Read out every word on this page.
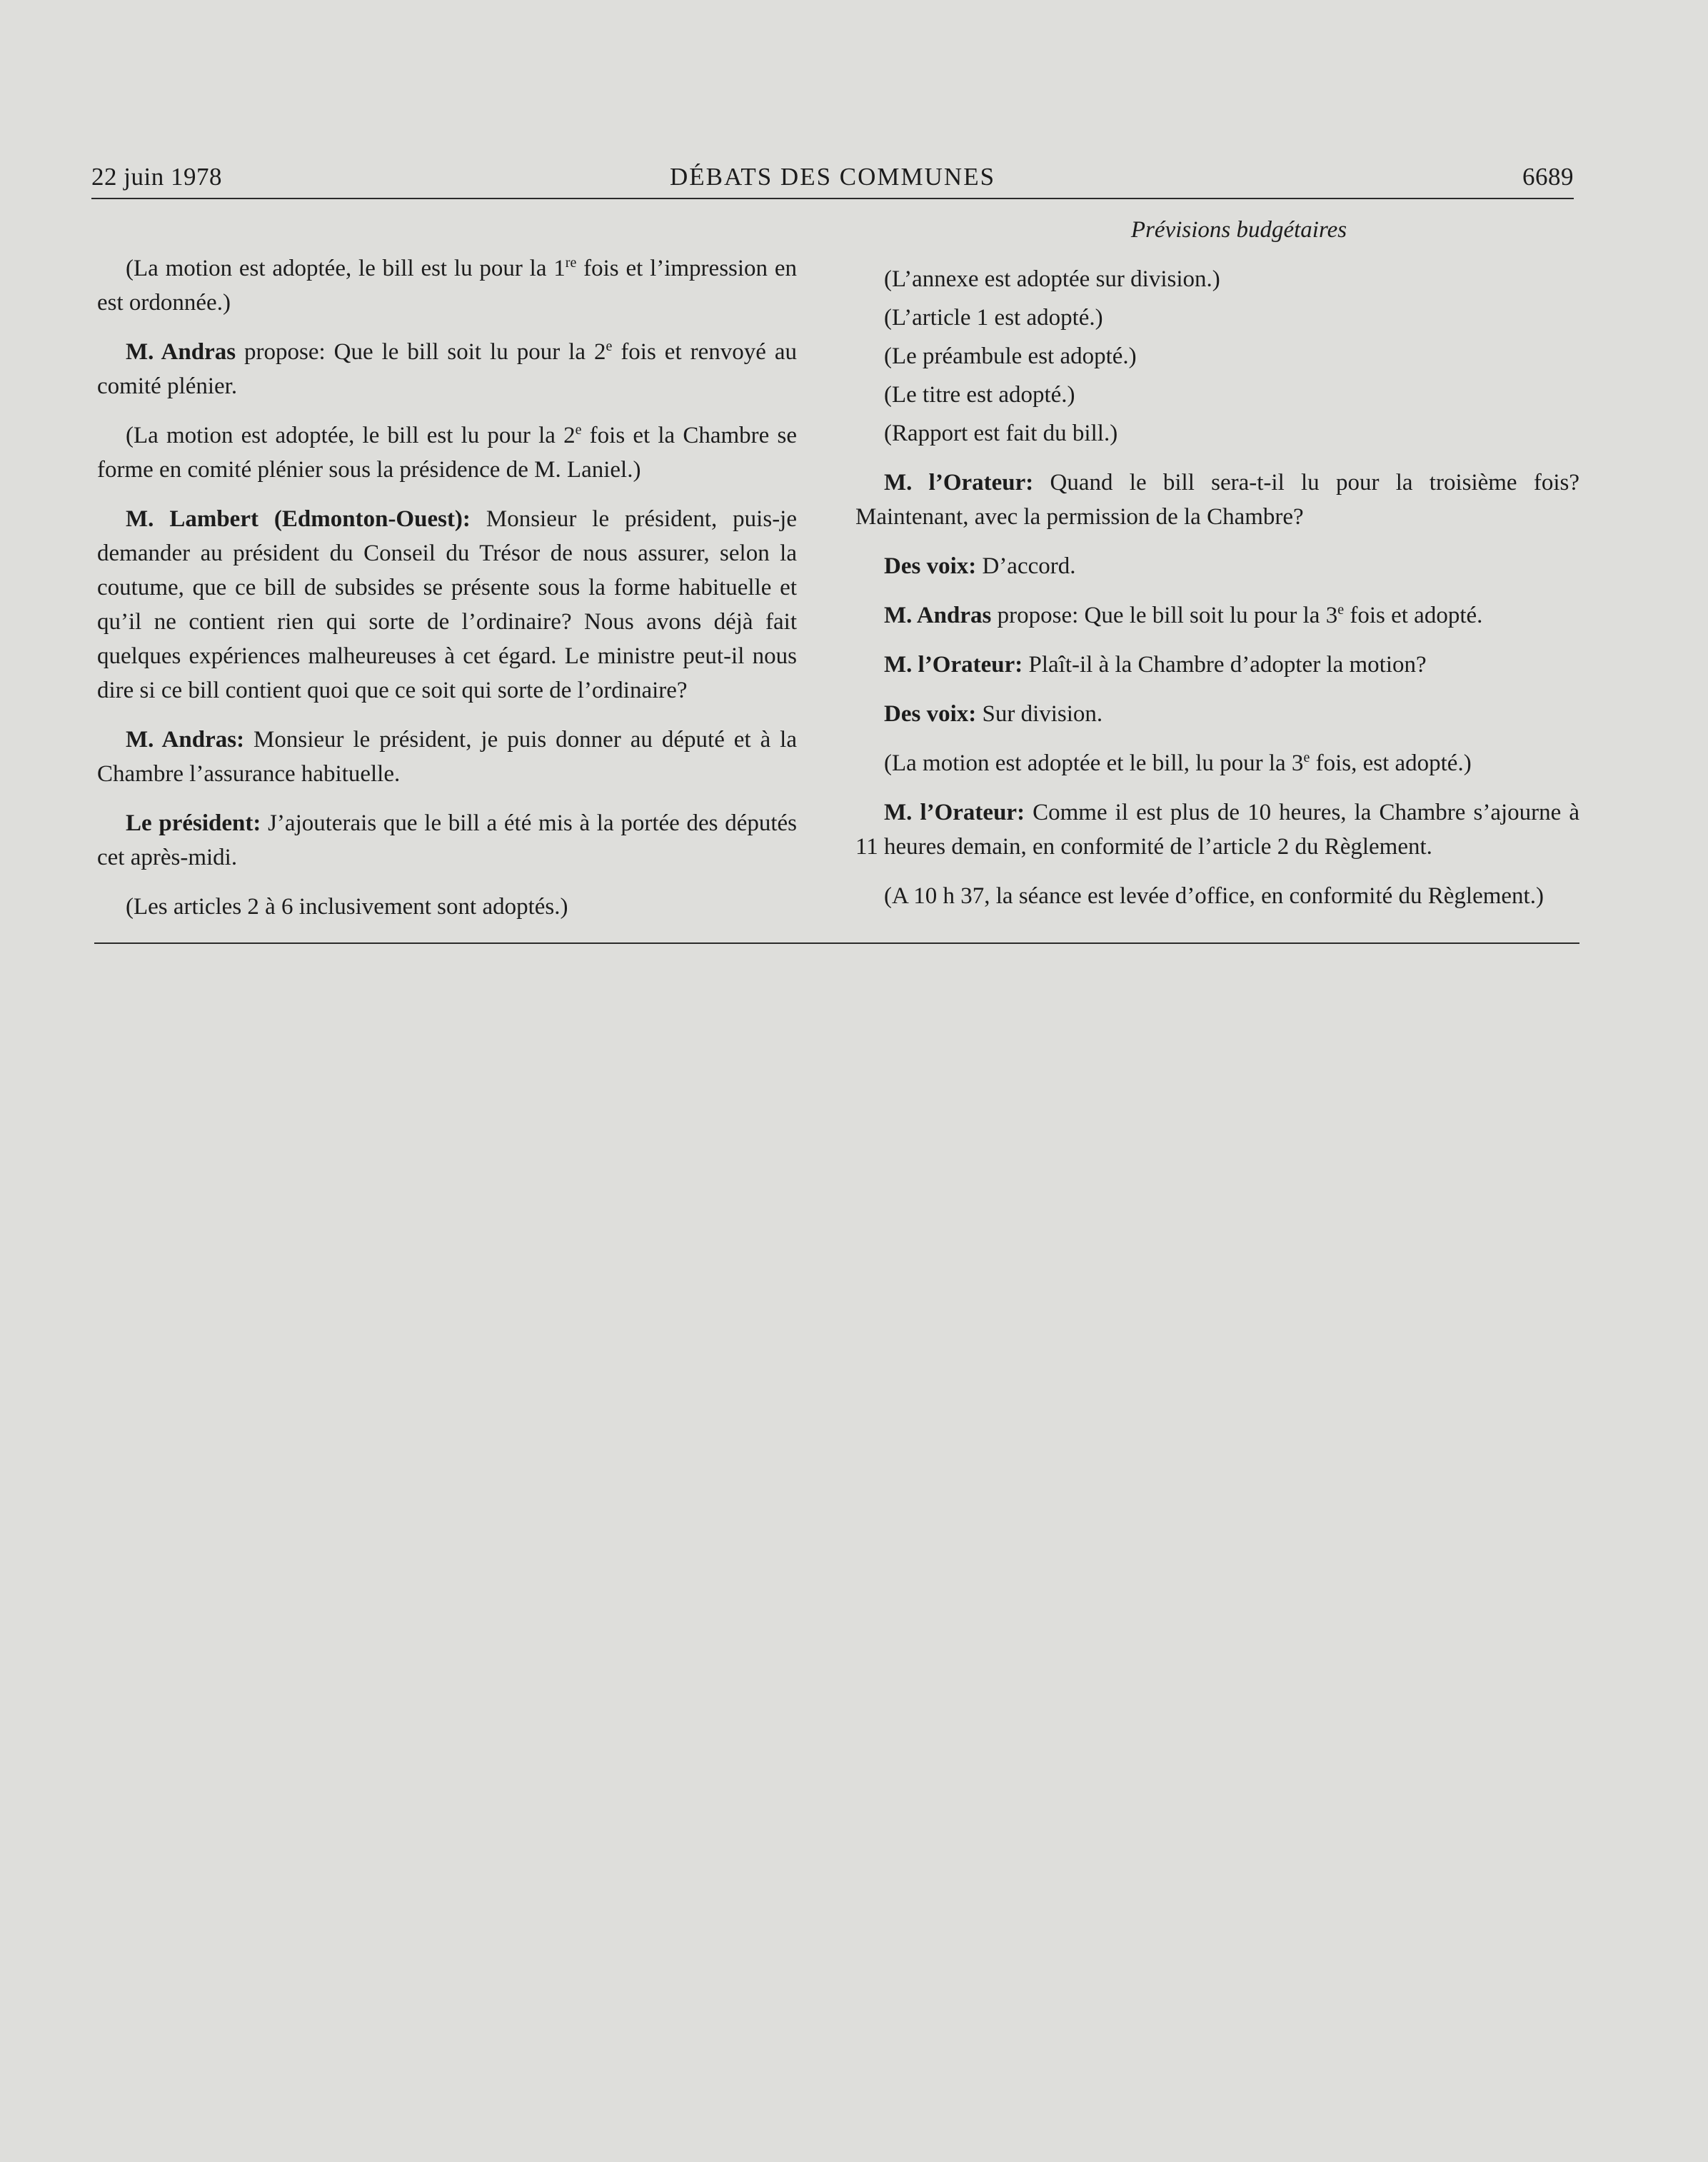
22 juin 1978	DÉBATS DES COMMUNES	6689

(La motion est adoptée, le bill est lu pour la 1re fois et l’impression en est ordonnée.)

M. Andras propose: Que le bill soit lu pour la 2e fois et renvoyé au comité plénier.

(La motion est adoptée, le bill est lu pour la 2e fois et la Chambre se forme en comité plénier sous la présidence de M. Laniel.)

M. Lambert (Edmonton-Ouest): Monsieur le président, puis-je demander au président du Conseil du Trésor de nous assurer, selon la coutume, que ce bill de subsides se présente sous la forme habituelle et qu’il ne contient rien qui sorte de l’ordinaire? Nous avons déjà fait quelques expériences malheureuses à cet égard. Le ministre peut-il nous dire si ce bill contient quoi que ce soit qui sorte de l’ordinaire?

M. Andras: Monsieur le président, je puis donner au député et à la Chambre l’assurance habituelle.

Le président: J’ajouterais que le bill a été mis à la portée des députés cet après-midi.

(Les articles 2 à 6 inclusivement sont adoptés.)

Prévisions budgétaires

(L’annexe est adoptée sur division.)

(L’article 1 est adopté.)

(Le préambule est adopté.)

(Le titre est adopté.)

(Rapport est fait du bill.)

M. l’Orateur: Quand le bill sera-t-il lu pour la troisième fois? Maintenant, avec la permission de la Chambre?

Des voix: D’accord.

M. Andras propose: Que le bill soit lu pour la 3e fois et adopté.

M. l’Orateur: Plaît-il à la Chambre d’adopter la motion?

Des voix: Sur division.

(La motion est adoptée et le bill, lu pour la 3e fois, est adopté.)

M. l’Orateur: Comme il est plus de 10 heures, la Chambre s’ajourne à 11 heures demain, en conformité de l’article 2 du Règlement.

(A 10 h 37, la séance est levée d’office, en conformité du Règlement.)
